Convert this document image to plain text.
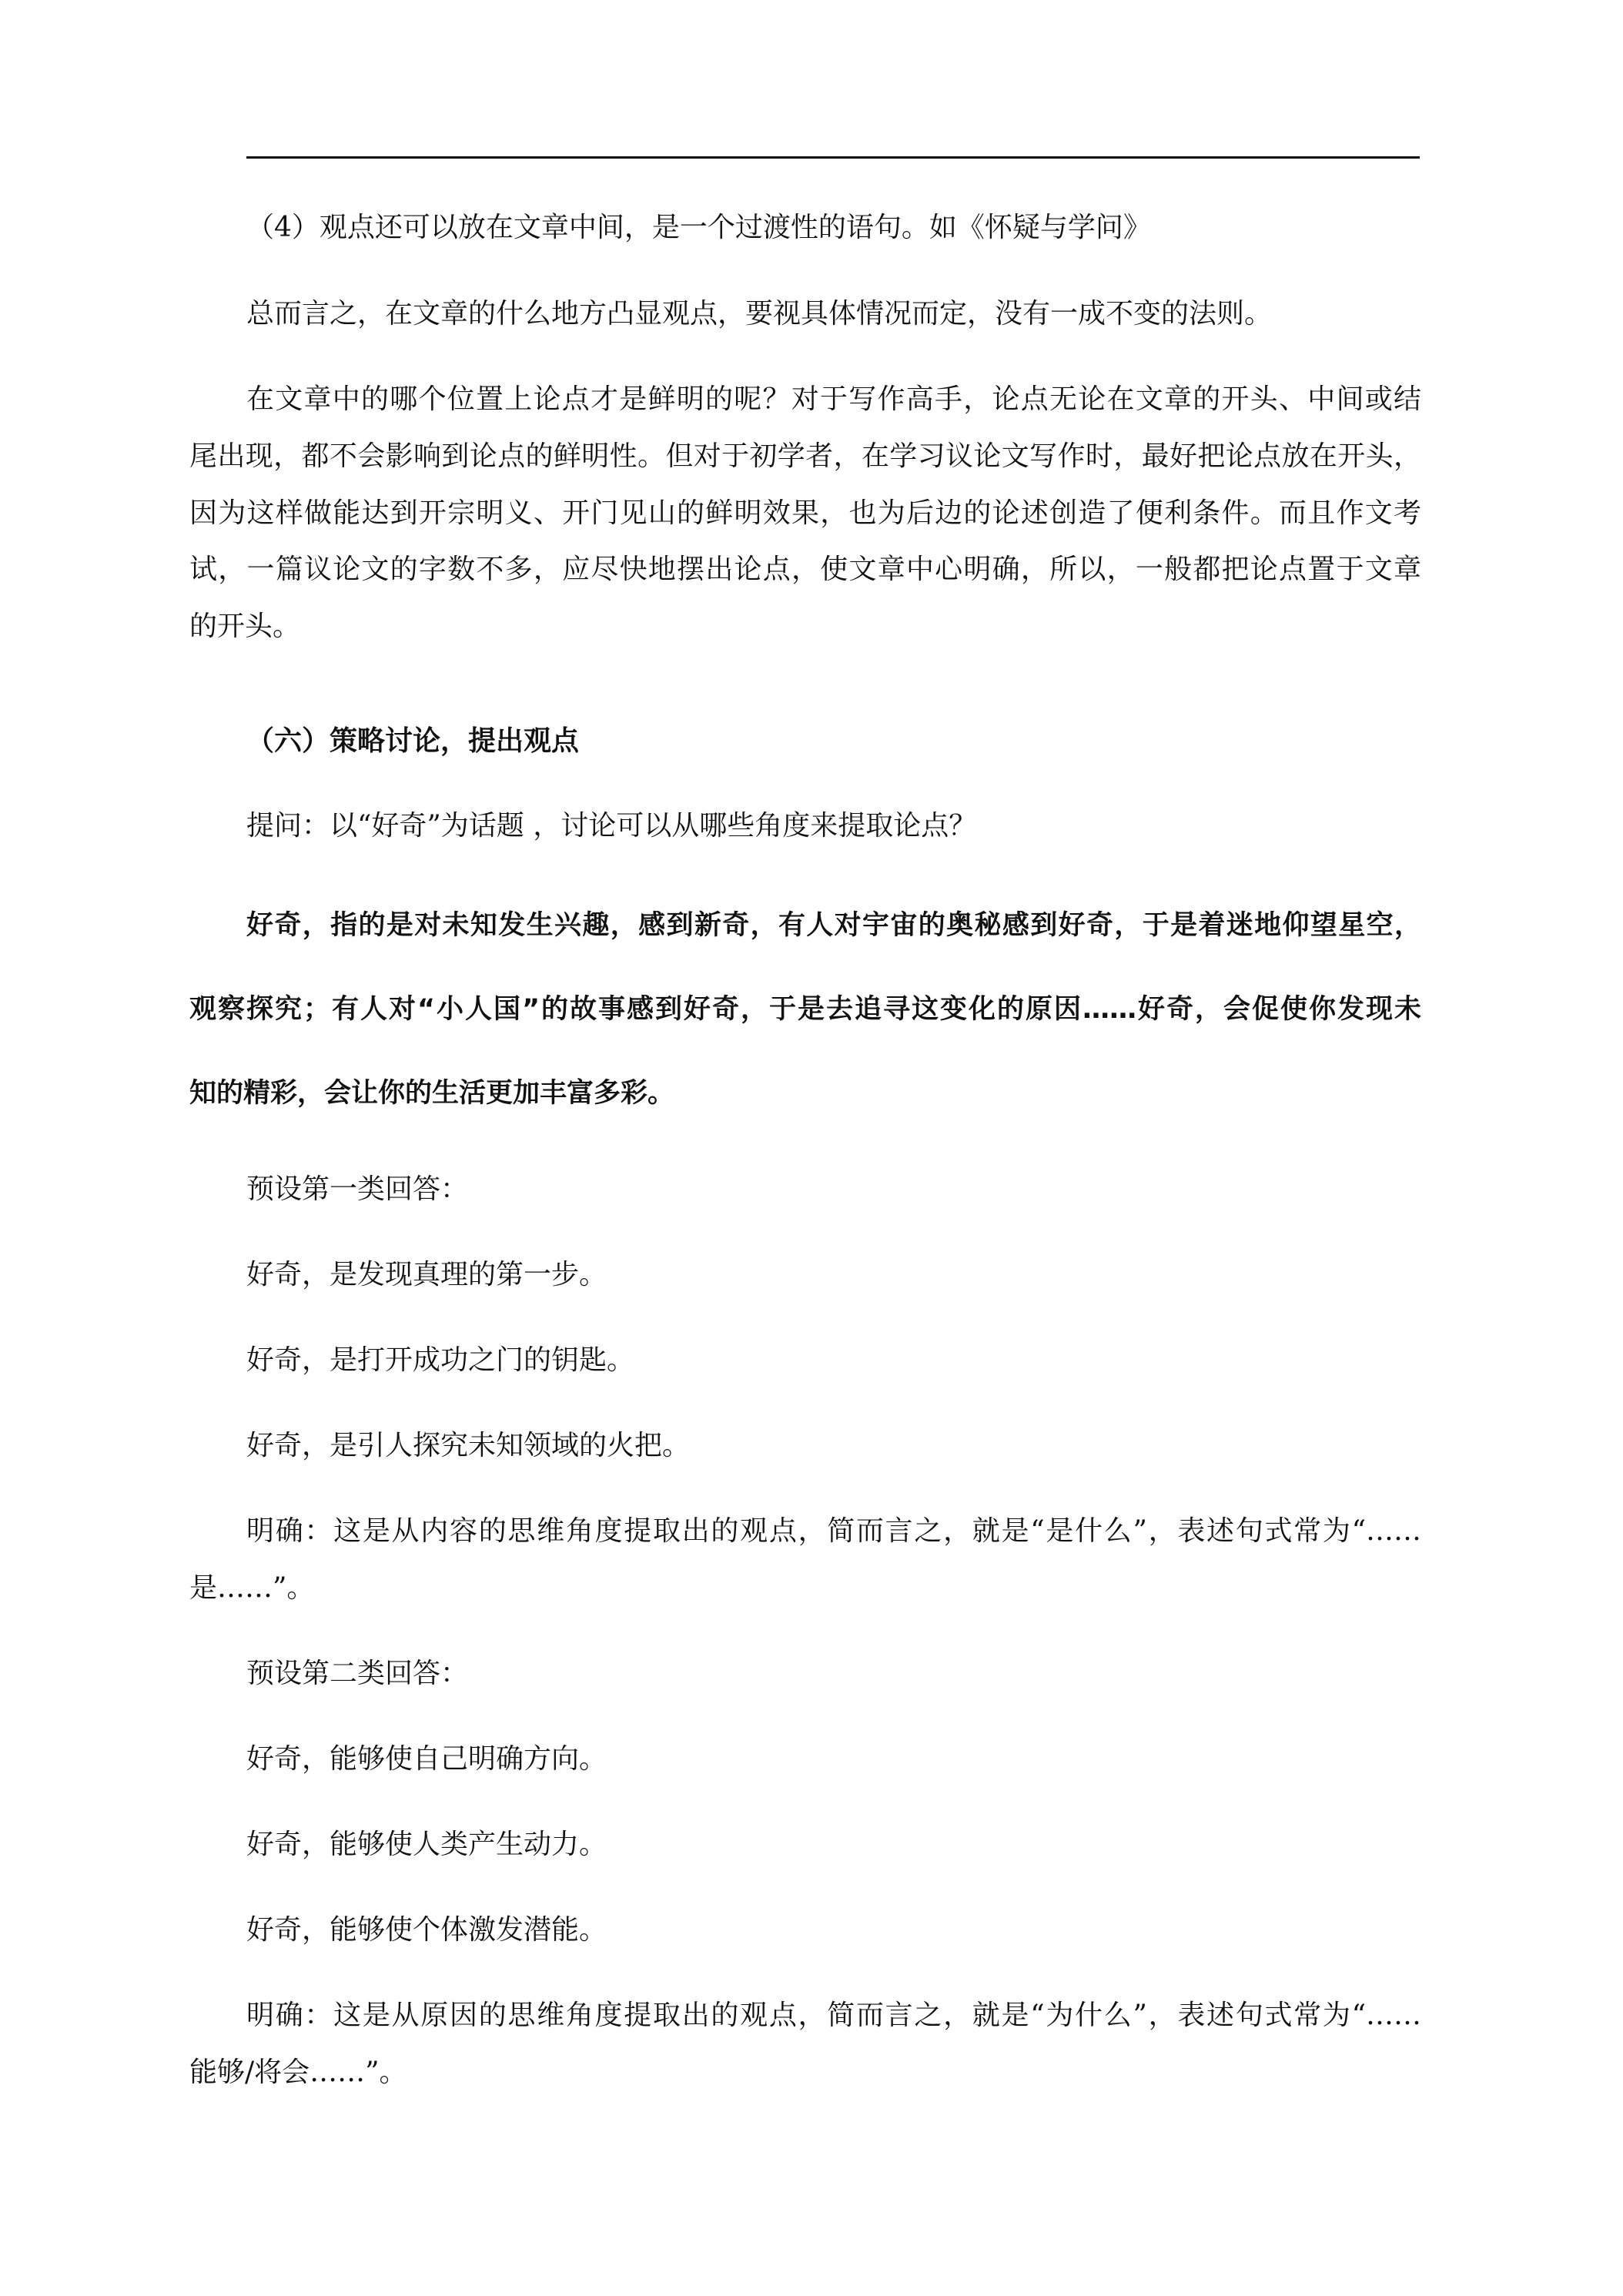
（4）观点还可以放在文章中间，是一个过渡性的语句。如《怀疑与学问》
总而言之，在文章的什么地方凸显观点，要视具体情况而定，没有一成不变的法则。
在文章中的哪个位置上论点才是鲜明的呢？对于写作高手，论点无论在文章的开头、中间或结
尾出现，都不会影响到论点的鲜明性。但对于初学者，在学习议论文写作时，最好把论点放在开头，
因为这样做能达到开宗明义、开门见山的鲜明效果，也为后边的论述创造了便利条件。而且作文考
试，一篇议论文的字数不多，应尽快地摆出论点，使文章中心明确，所以，一般都把论点置于文章
的开头。
（六）策略讨论，提出观点
提问：以“好奇”为话题 ，讨论可以从哪些角度来提取论点？
好奇，指的是对未知发生兴趣，感到新奇，有人对宇宙的奥秘感到好奇，于是着迷地仰望星空，
观察探究；有人对“小人国”的故事感到好奇，于是去追寻这变化的原因……好奇，会促使你发现未
知的精彩，会让你的生活更加丰富多彩。
预设第一类回答：
好奇，是发现真理的第一步。
好奇，是打开成功之门的钥匙。
好奇，是引人探究未知领域的火把。
明确：这是从内容的思维角度提取出的观点，简而言之，就是“是什么”，表述句式常为“……
是……”。
预设第二类回答：
好奇，能够使自己明确方向。
好奇，能够使人类产生动力。
好奇，能够使个体激发潜能。
明确：这是从原因的思维角度提取出的观点，简而言之，就是“为什么”，表述句式常为“……
能够/将会……”。
